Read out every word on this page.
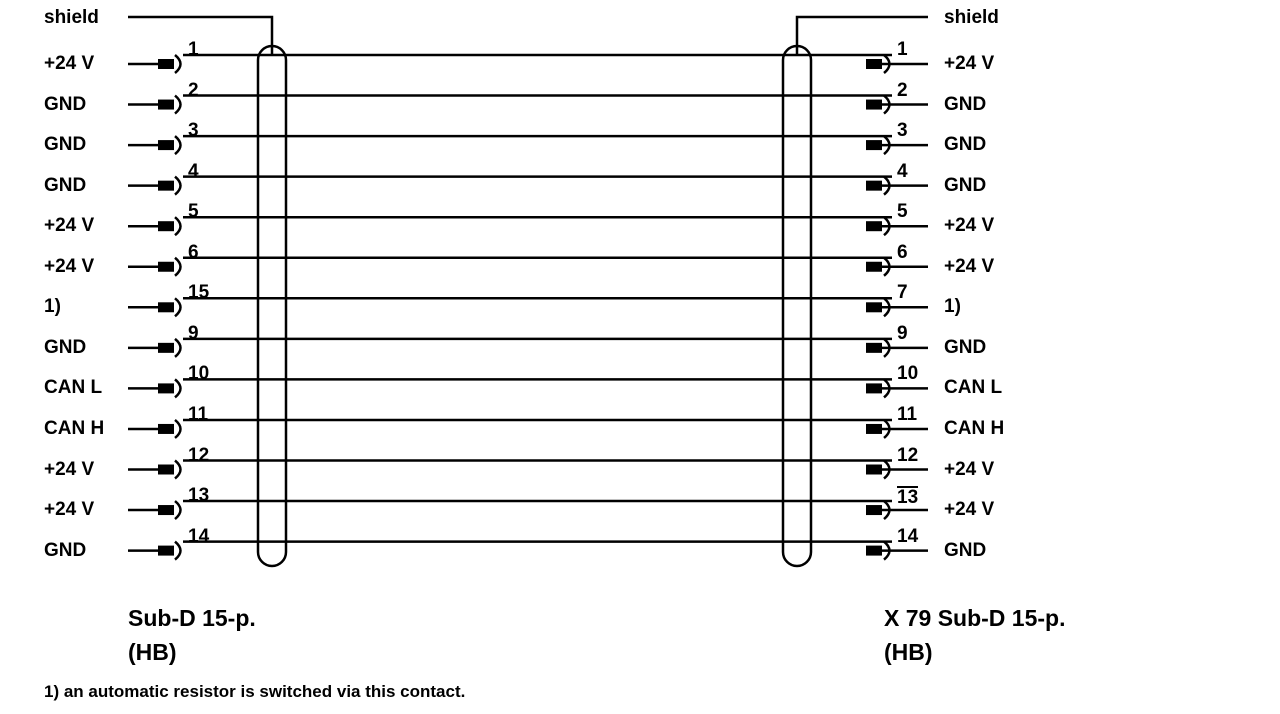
+24 V
1
+24 V
1
GND
2
GND
2
GND
3
GND
3
GND
4
GND
4
+24 V
5
+24 V
5
+24 V
6
+24 V
6
1)
15
1)
7
GND
9
GND
9
CAN L
10
CAN L
10
CAN H
11
CAN H
11
+24 V
12
+24 V
12
+24 V
13
+24 V
13
GND
14
GND
14
shield	shield
Sub-D 15-p.
(HB)
X 79 Sub-D 15-p.
(HB)
1) an automatic resistor is switched via this contact.
